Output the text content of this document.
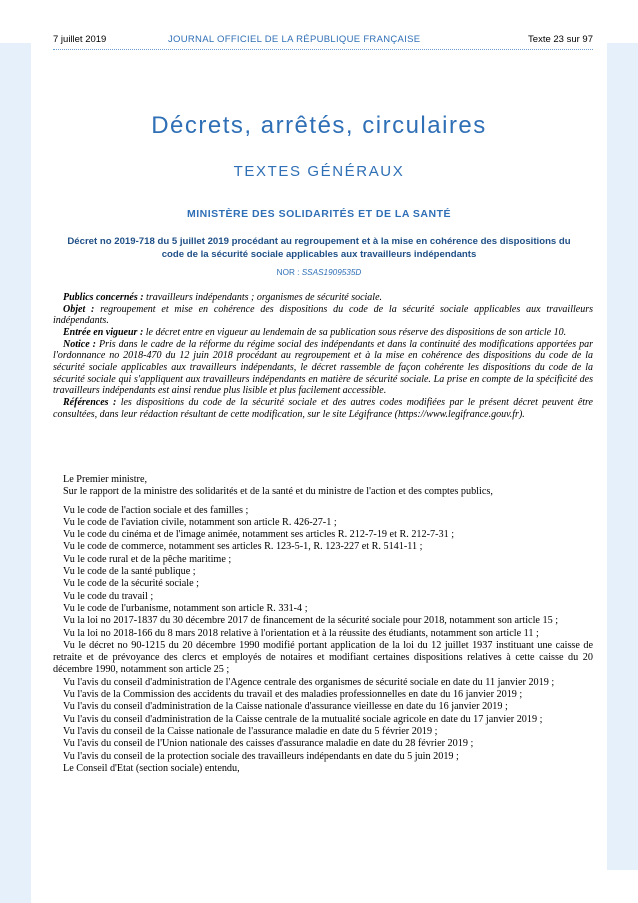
7 juillet 2019	JOURNAL OFFICIEL DE LA RÉPUBLIQUE FRANÇAISE	Texte 23 sur 97
Décrets, arrêtés, circulaires
TEXTES GÉNÉRAUX
MINISTÈRE DES SOLIDARITÉS ET DE LA SANTÉ
Décret no 2019-718 du 5 juillet 2019 procédant au regroupement et à la mise en cohérence des dispositions du code de la sécurité sociale applicables aux travailleurs indépendants
NOR : SSAS1909535D

Publics concernés : travailleurs indépendants ; organismes de sécurité sociale.

Objet : regroupement et mise en cohérence des dispositions du code de la sécurité sociale applicables aux travailleurs indépendants.

Entrée en vigueur : le décret entre en vigueur au lendemain de sa publication sous réserve des dispositions de son article 10.

Notice : Pris dans le cadre de la réforme du régime social des indépendants et dans la continuité des modifications apportées par l'ordonnance no 2018-470 du 12 juin 2018 procédant au regroupement et à la mise en cohérence des dispositions du code de la sécurité sociale applicables aux travailleurs indépendants, le décret rassemble de façon cohérente les dispositions du code de la sécurité sociale qui s'appliquent aux travailleurs indépendants en matière de sécurité sociale. La prise en compte de la spécificité des travailleurs indépendants est ainsi rendue plus lisible et plus facilement accessible.

Références : les dispositions du code de la sécurité sociale et des autres codes modifiées par le présent décret peuvent être consultées, dans leur rédaction résultant de cette modification, sur le site Légifrance (https://www.legifrance.gouv.fr).

Le Premier ministre,

Sur le rapport de la ministre des solidarités et de la santé et du ministre de l'action et des comptes publics,

Vu le code de l'action sociale et des familles ;

Vu le code de l'aviation civile, notamment son article R. 426-27-1 ;

Vu le code du cinéma et de l'image animée, notamment ses articles R. 212-7-19 et R. 212-7-31 ;

Vu le code de commerce, notamment ses articles R. 123-5-1, R. 123-227 et R. 5141-11 ;

Vu le code rural et de la pêche maritime ;

Vu le code de la santé publique ;

Vu le code de la sécurité sociale ;

Vu le code du travail ;

Vu le code de l'urbanisme, notamment son article R. 331-4 ;

Vu la loi no 2017-1837 du 30 décembre 2017 de financement de la sécurité sociale pour 2018, notamment son article 15 ;

Vu la loi no 2018-166 du 8 mars 2018 relative à l'orientation et à la réussite des étudiants, notamment son article 11 ;

Vu le décret no 90-1215 du 20 décembre 1990 modifié portant application de la loi du 12 juillet 1937 instituant une caisse de retraite et de prévoyance des clercs et employés de notaires et modifiant certaines dispositions relatives à cette caisse du 20 décembre 1990, notamment son article 25 ;

Vu l'avis du conseil d'administration de l'Agence centrale des organismes de sécurité sociale en date du 11 janvier 2019 ;

Vu l'avis de la Commission des accidents du travail et des maladies professionnelles en date du 16 janvier 2019 ;

Vu l'avis du conseil d'administration de la Caisse nationale d'assurance vieillesse en date du 16 janvier 2019 ;

Vu l'avis du conseil d'administration de la Caisse centrale de la mutualité sociale agricole en date du 17 janvier 2019 ;

Vu l'avis du conseil de la Caisse nationale de l'assurance maladie en date du 5 février 2019 ;

Vu l'avis du conseil de l'Union nationale des caisses d'assurance maladie en date du 28 février 2019 ;

Vu l'avis du conseil de la protection sociale des travailleurs indépendants en date du 5 juin 2019 ;

Le Conseil d'Etat (section sociale) entendu,
